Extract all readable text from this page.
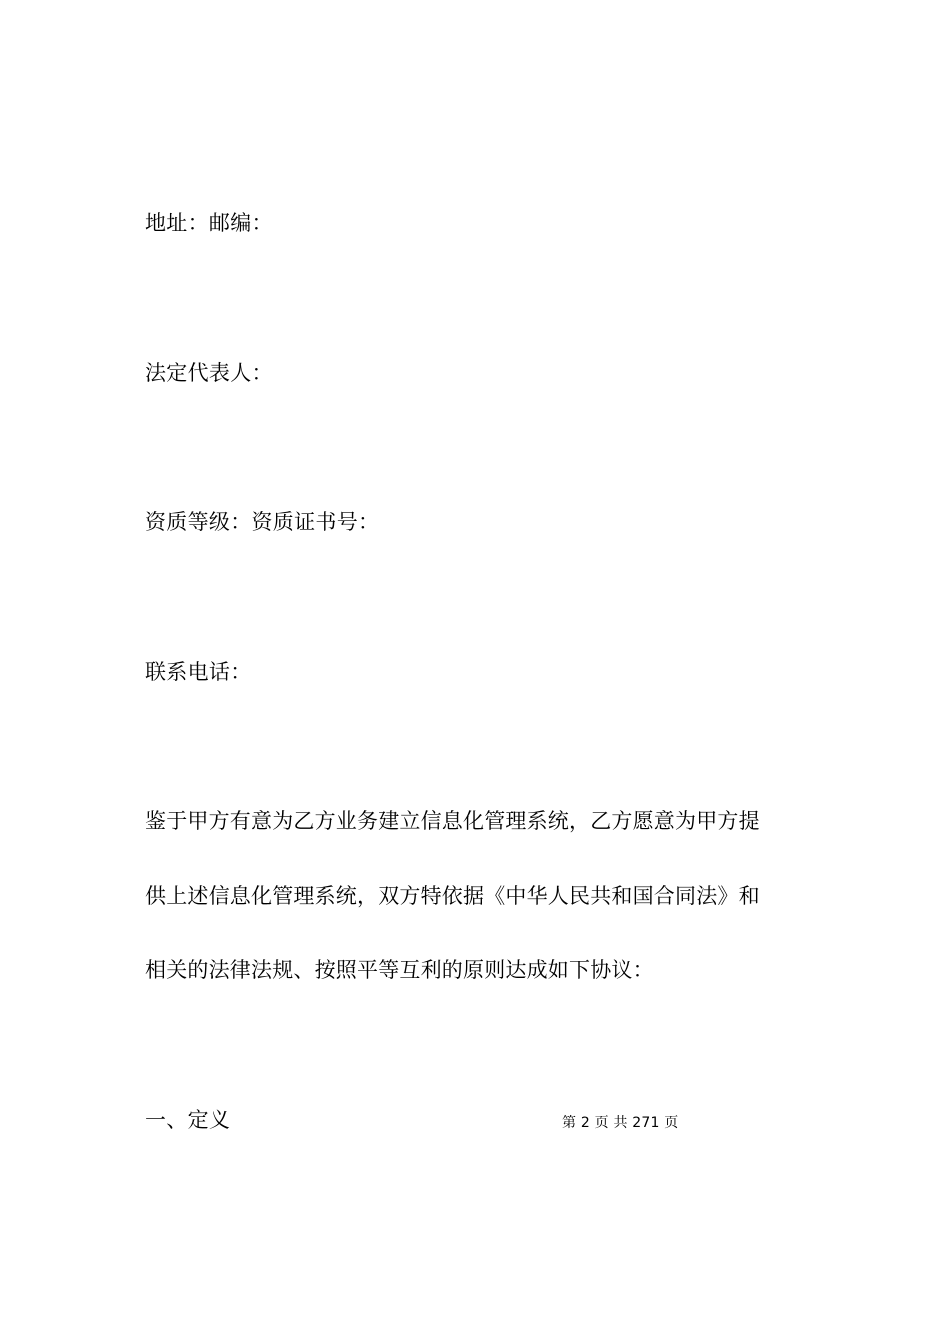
地址：邮编：
法定代表人：
资质等级：资质证书号：
联系电话：
鉴于甲方有意为乙方业务建立信息化管理系统，乙方愿意为甲方提
供上述信息化管理系统，双方特依据《中华人民共和国合同法》和
相关的法律法规、按照平等互利的原则达成如下协议：
一、定义	第 2 页 共 271 页
